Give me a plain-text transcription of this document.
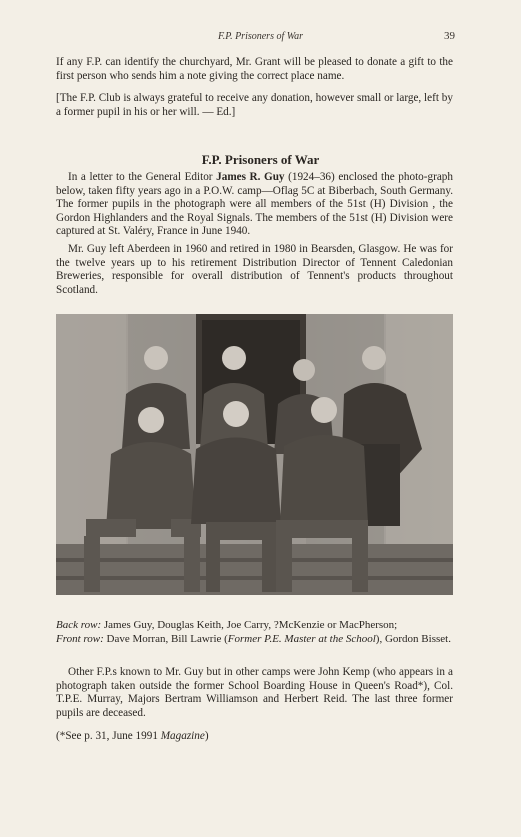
F.P. Prisoners of War	39

If any F.P. can identify the churchyard, Mr. Grant will be pleased to donate a gift to the first person who sends him a note giving the correct place name.

[The F.P. Club is always grateful to receive any donation, however small or large, left by a former pupil in his or her will. — Ed.]

F.P. Prisoners of War

In a letter to the General Editor James R. Guy (1924–36) enclosed the photo-graph below, taken fifty years ago in a P.O.W. camp—Oflag 5C at Biberbach, South Germany. The former pupils in the photograph were all members of the 51st (H) Division , the Gordon Highlanders and the Royal Signals. The members of the 51st (H) Division were captured at St. Valéry, France in June 1940.

Mr. Guy left Aberdeen in 1960 and retired in 1980 in Bearsden, Glasgow. He was for the twelve years up to his retirement Distribution Director of Tennent Caledonian Breweries, responsible for overall distribution of Tennent's products throughout Scotland.

Back row: James Guy, Douglas Keith, Joe Carry, ?McKenzie or MacPherson;
Front row: Dave Morran, Bill Lawrie (Former P.E. Master at the School), Gordon Bisset.

Other F.P.s known to Mr. Guy but in other camps were John Kemp (who appears in a photograph taken outside the former School Boarding House in Queen's Road*), Col. T.P.E. Murray, Majors Bertram Williamson and Herbert Reid. The last three former pupils are deceased.

(*See p. 31, June 1991 Magazine)
